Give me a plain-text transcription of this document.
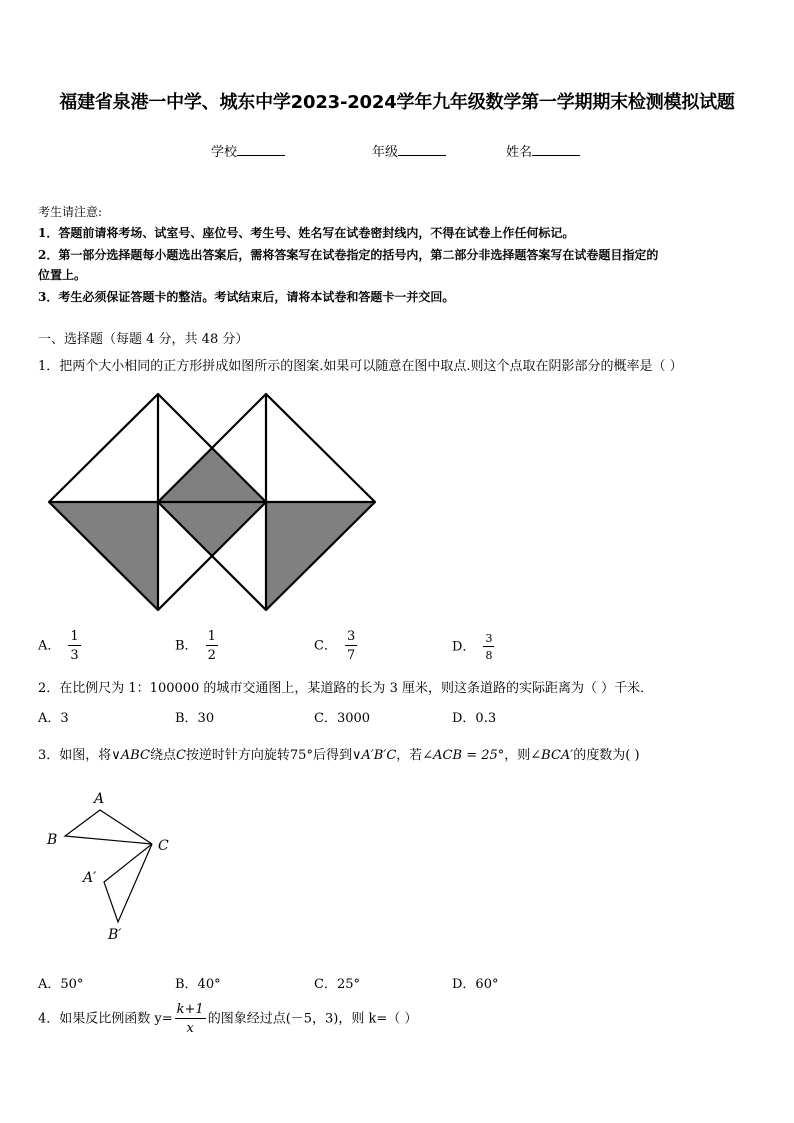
福建省泉港一中学、城东中学2023-2024学年九年级数学第一学期期末检测模拟试题
学校	年级	姓名
考生请注意:
1．答题前请将考场、试室号、座位号、考生号、姓名写在试卷密封线内，不得在试卷上作任何标记。
2．第一部分选择题每小题选出答案后，需将答案写在试卷指定的括号内，第二部分非选择题答案写在试卷题目指定的
位置上。
3．考生必须保证答题卡的整洁。考试结束后，请将本试卷和答题卡一并交回。
一、选择题（每题 4 分，共 48 分）
1．把两个大小相同的正方形拼成如图所示的图案.如果可以随意在图中取点.则这个点取在阴影部分的概率是（ ）
A． $\frac{1}{3}$	B． $\frac{1}{2}$	C． $\frac{3}{7}$	D． $\frac{3}{8}$
2．在比例尺为 1：100000 的城市交通图上，某道路的长为 3 厘米，则这条道路的实际距离为（ ）千米．
A．3	B．30	C．3000	D．0.3
3．如图，将∨ABC绕点C按逆时针方向旋转75°后得到∨A′B′C，若∠ACB = 25°，则∠BCA′的度数为( )
A
B	C
A′
B′
A．50°	B．40°	C．25°	D．60°
4．如果反比例函数 $y= \frac{k+1}{x}$ 的图象经过点(－5，3)，则 k=（ ）
